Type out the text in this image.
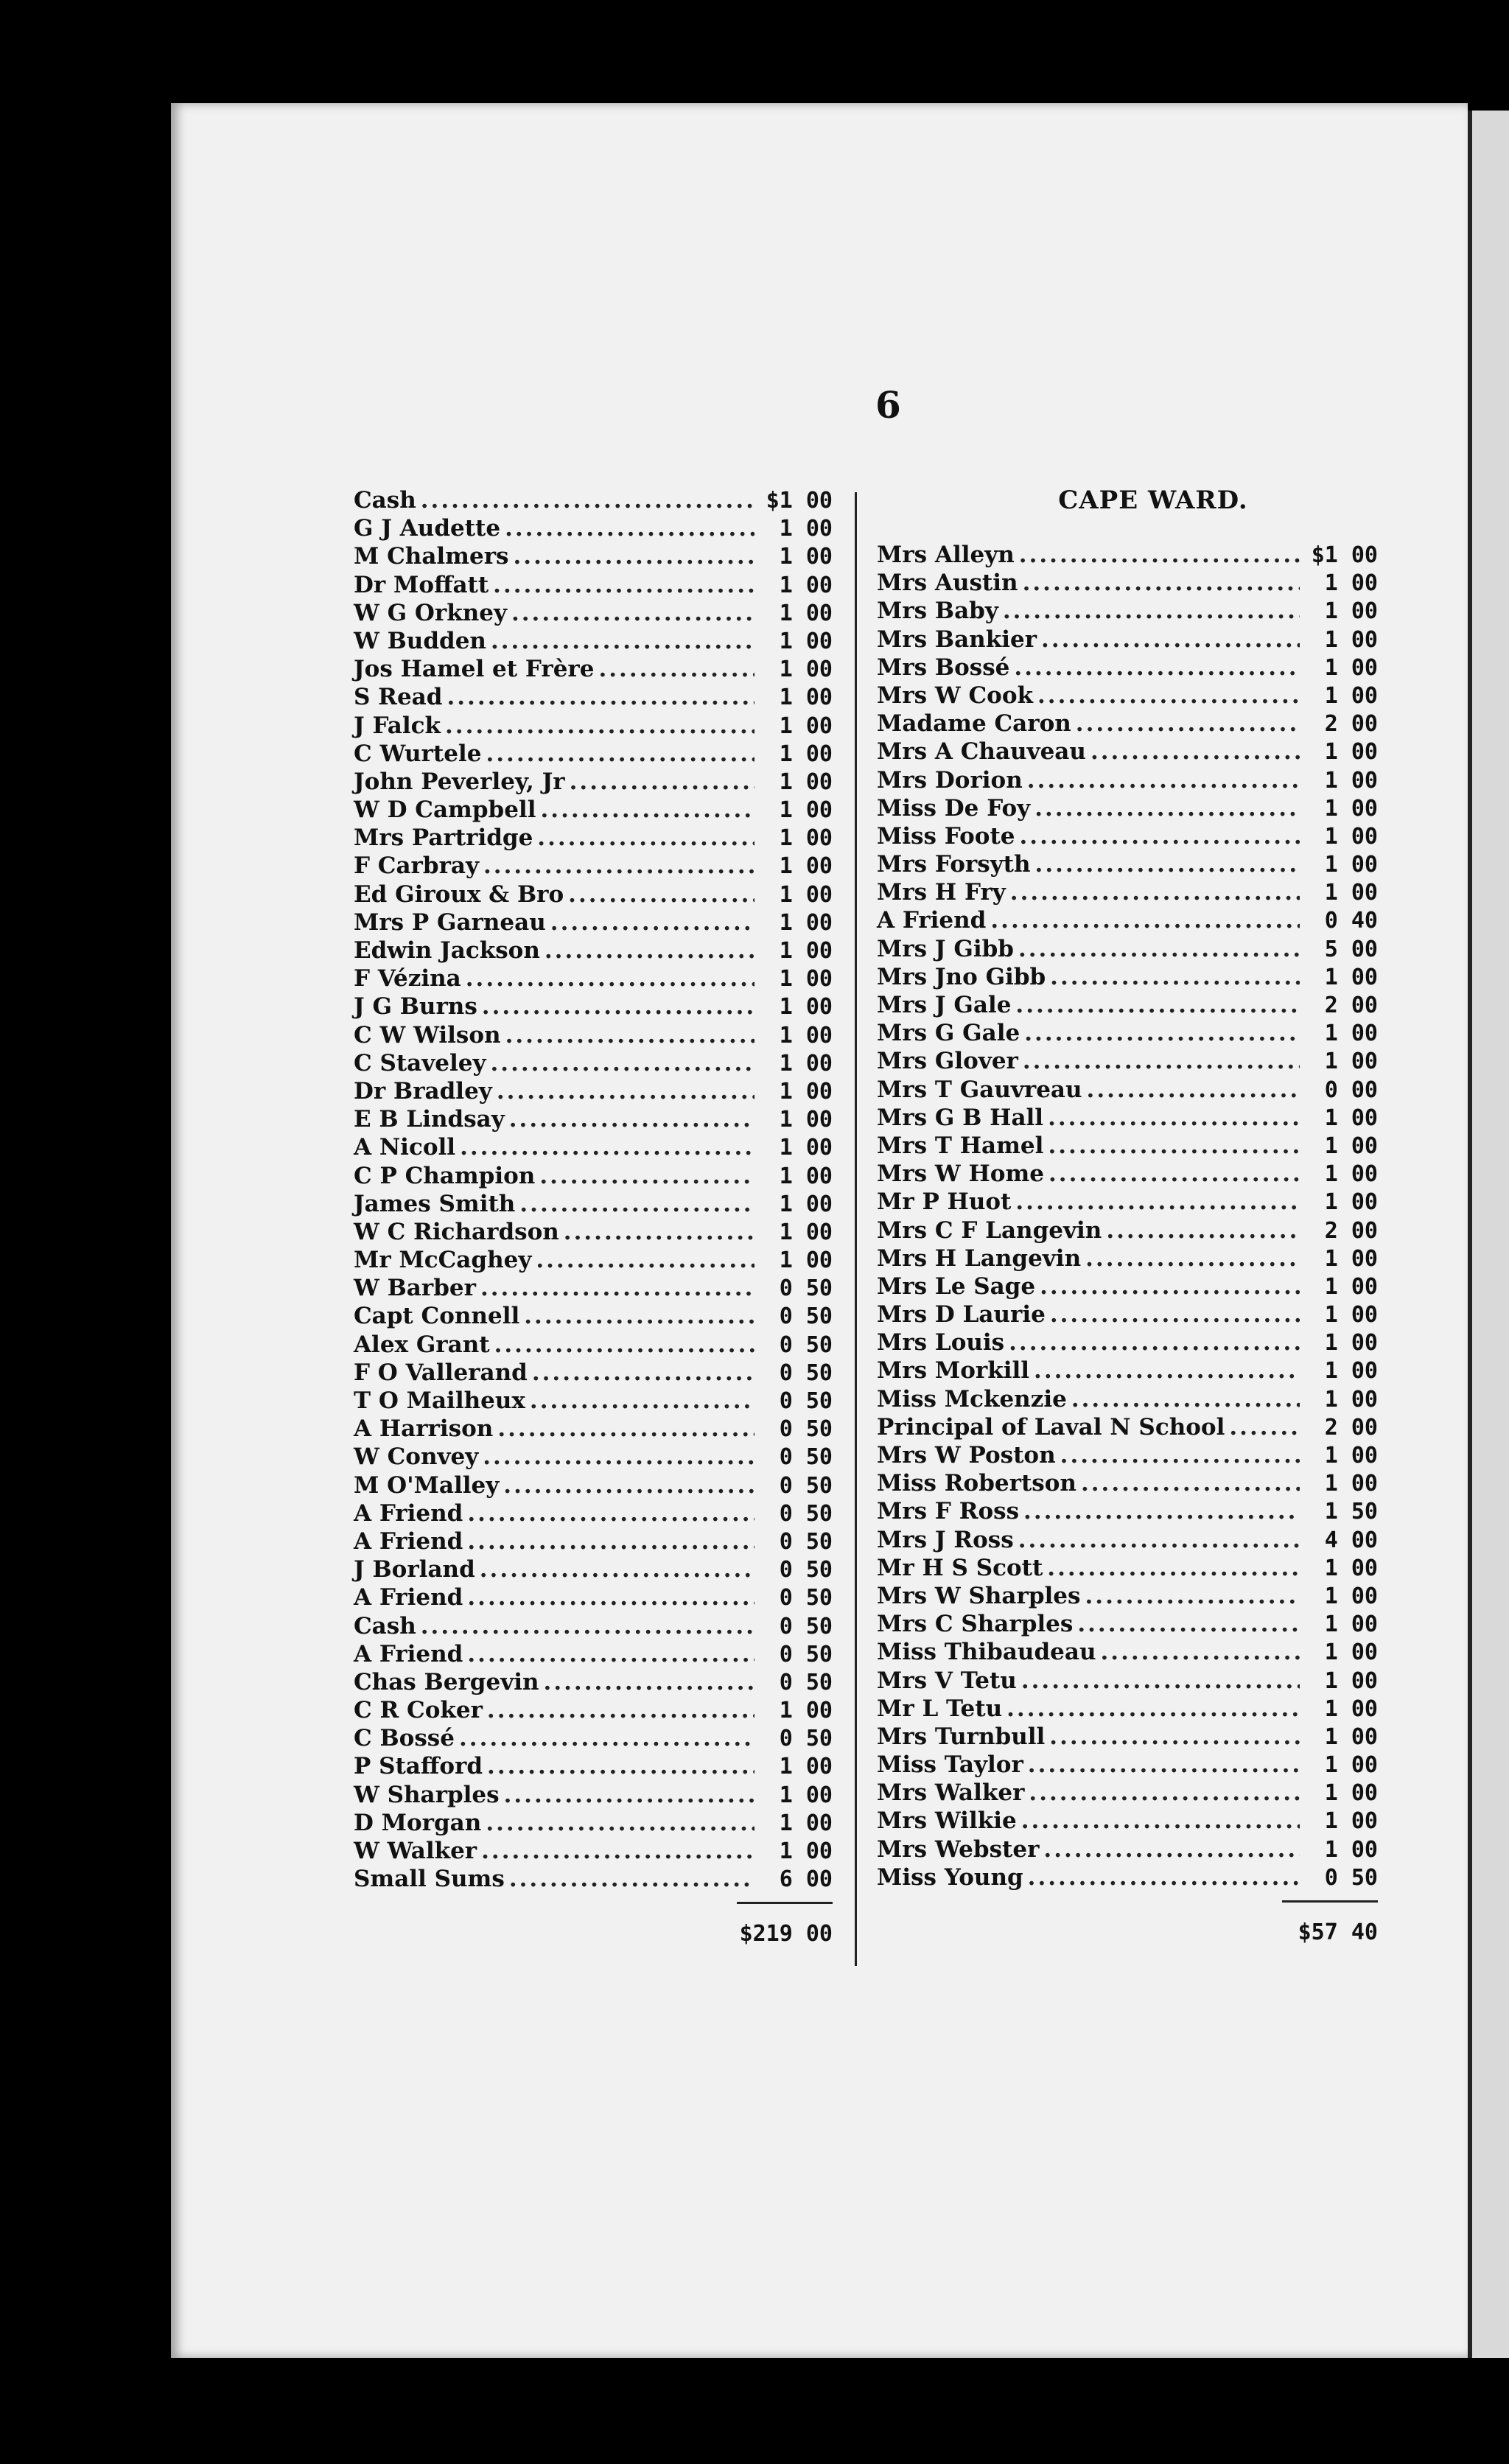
6
Cash .....	$1 00
G J Audette .....	1 00
M Chalmers .....	1 00
Dr Moffatt .....	1 00
W G Orkney .....	1 00
W Budden .....	1 00
Jos Hamel et Frère .....	1 00
S Read .....	1 00
J Falck .....	1 00
C Wurtele .....	1 00
John Peverley, Jr .....	1 00
W D Campbell .....	1 00
Mrs Partridge .....	1 00
F Carbray .....	1 00
Ed Giroux & Bro .....	1 00
Mrs P Garneau .....	1 00
Edwin Jackson .....	1 00
F Vézina .....	1 00
J G Burns .....	1 00
C W Wilson .....	1 00
C Staveley .....	1 00
Dr Bradley .....	1 00
E B Lindsay .....	1 00
A Nicoll .....	1 00
C P Champion .....	1 00
James Smith .....	1 00
W C Richardson .....	1 00
Mr McCaghey .....	1 00
W Barber .....	0 50
Capt Connell .....	0 50
Alex Grant .....	0 50
F O Vallerand .....	0 50
T O Mailheux .....	0 50
A Harrison .....	0 50
W Convey .....	0 50
M O'Malley .....	0 50
A Friend .....	0 50
A Friend .....	0 50
J Borland .....	0 50
A Friend .....	0 50
Cash .....	0 50
A Friend .....	0 50
Chas Bergevin .....	0 50
C R Coker .....	1 00
C Bossé .....	0 50
P Stafford .....	1 00
W Sharples .....	1 00
D Morgan .....	1 00
W Walker .....	1 00
Small Sums .....	6 00
$219 00
CAPE WARD.
Mrs Alleyn .....	$1 00
Mrs Austin .....	1 00
Mrs Baby .....	1 00
Mrs Bankier .....	1 00
Mrs Bossé .....	1 00
Mrs W Cook .....	1 00
Madame Caron .....	2 00
Mrs A Chauveau .....	1 00
Mrs Dorion .....	1 00
Miss De Foy .....	1 00
Miss Foote .....	1 00
Mrs Forsyth .....	1 00
Mrs H Fry .....	1 00
A Friend .....	0 40
Mrs J Gibb .....	5 00
Mrs Jno Gibb .....	1 00
Mrs J Gale .....	2 00
Mrs G Gale .....	1 00
Mrs Glover .....	1 00
Mrs T Gauvreau .....	0 00
Mrs G B Hall .....	1 00
Mrs T Hamel .....	1 00
Mrs W Home .....	1 00
Mr P Huot .....	1 00
Mrs C F Langevin .....	2 00
Mrs H Langevin .....	1 00
Mrs Le Sage .....	1 00
Mrs D Laurie .....	1 00
Mrs Louis .....	1 00
Mrs Morkill .....	1 00
Miss Mckenzie .....	1 00
Principal of Laval N School .....	2 00
Mrs W Poston .....	1 00
Miss Robertson .....	1 00
Mrs F Ross .....	1 50
Mrs J Ross .....	4 00
Mr H S Scott .....	1 00
Mrs W Sharples .....	1 00
Mrs C Sharples .....	1 00
Miss Thibaudeau .....	1 00
Mrs V Tetu .....	1 00
Mr L Tetu .....	1 00
Mrs Turnbull .....	1 00
Miss Taylor .....	1 00
Mrs Walker .....	1 00
Mrs Wilkie .....	1 00
Mrs Webster .....	1 00
Miss Young .....	0 50
$57 40
